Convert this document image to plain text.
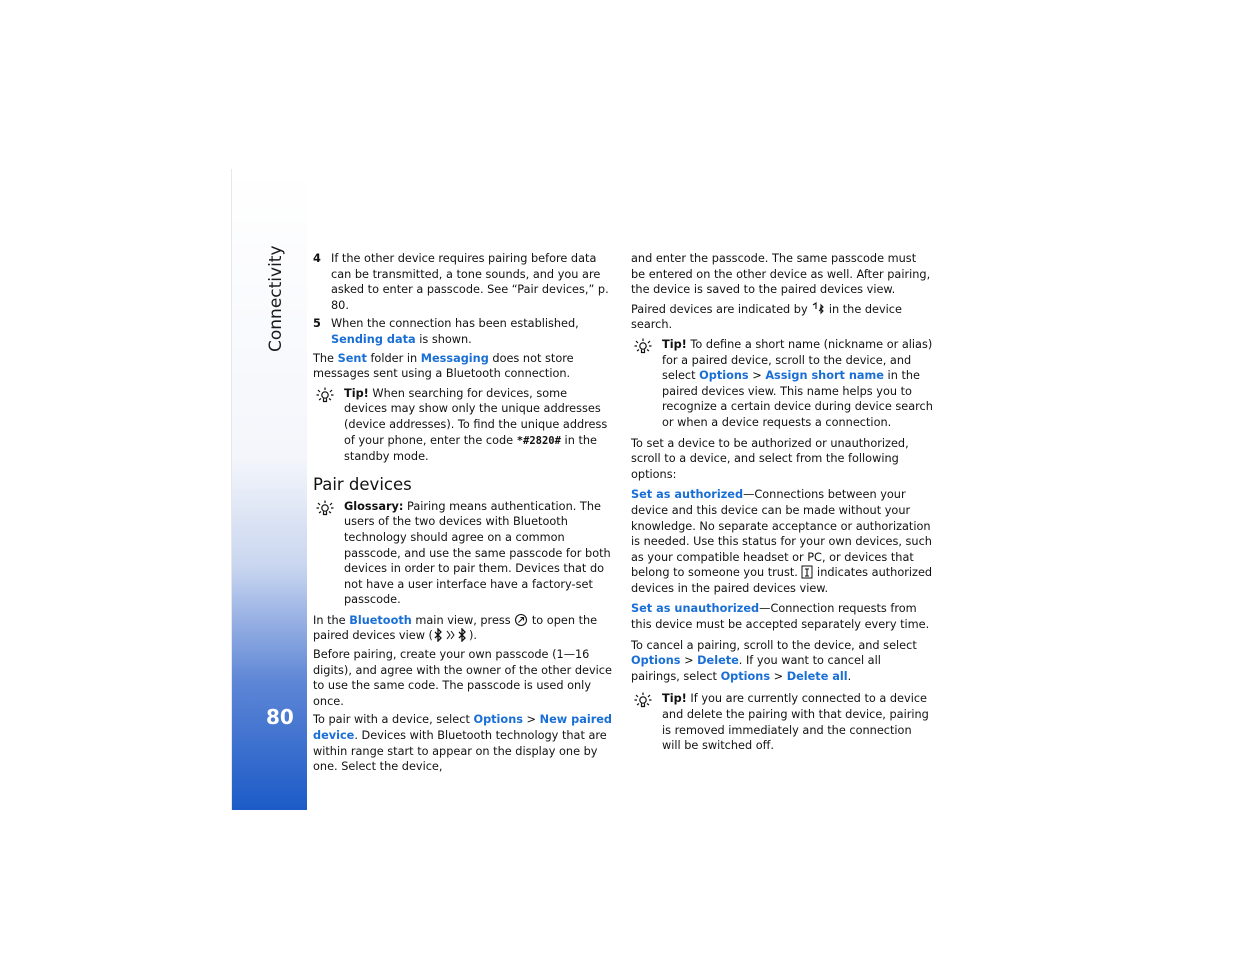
Connectivity
80
4 If the other device requires pairing before data can be transmitted, a tone sounds, and you are asked to enter a passcode. See “Pair devices,” p. 80.
5 When the connection has been established, Sending data is shown.

The Sent folder in Messaging does not store messages sent using a Bluetooth connection.

Tip! When searching for devices, some devices may show only the unique addresses (device addresses). To find the unique address of your phone, enter the code *#2820# in the standby mode.
Pair devices
Glossary: Pairing means authentication. The users of the two devices with Bluetooth technology should agree on a common passcode, and use the same passcode for both devices in order to pair them. Devices that do not have a user interface have a factory-set passcode.

In the Bluetooth main view, press  to open the paired devices view (	).

Before pairing, create your own passcode (1—16 digits), and agree with the owner of the other device to use the same code. The passcode is used only once.

To pair with a device, select Options > New paired device. Devices with Bluetooth technology that are within range start to appear on the display one by one. Select the device,

and enter the passcode. The same passcode must be entered on the other device as well. After pairing, the device is saved to the paired devices view.

Paired devices are indicated by  in the device search.

Tip! To define a short name (nickname or alias) for a paired device, scroll to the device, and select Options > Assign short name in the paired devices view. This name helps you to recognize a certain device during device search or when a device requests a connection.

To set a device to be authorized or unauthorized, scroll to a device, and select from the following options:

Set as authorized—Connections between your device and this device can be made without your knowledge. No separate acceptance or authorization is needed. Use this status for your own devices, such as your compatible headset or PC, or devices that belong to someone you trust.  indicates authorized devices in the paired devices view.

Set as unauthorized—Connection requests from this device must be accepted separately every time.

To cancel a pairing, scroll to the device, and select Options > Delete. If you want to cancel all pairings, select Options > Delete all.

Tip! If you are currently connected to a device and delete the pairing with that device, pairing is removed immediately and the connection will be switched off.
